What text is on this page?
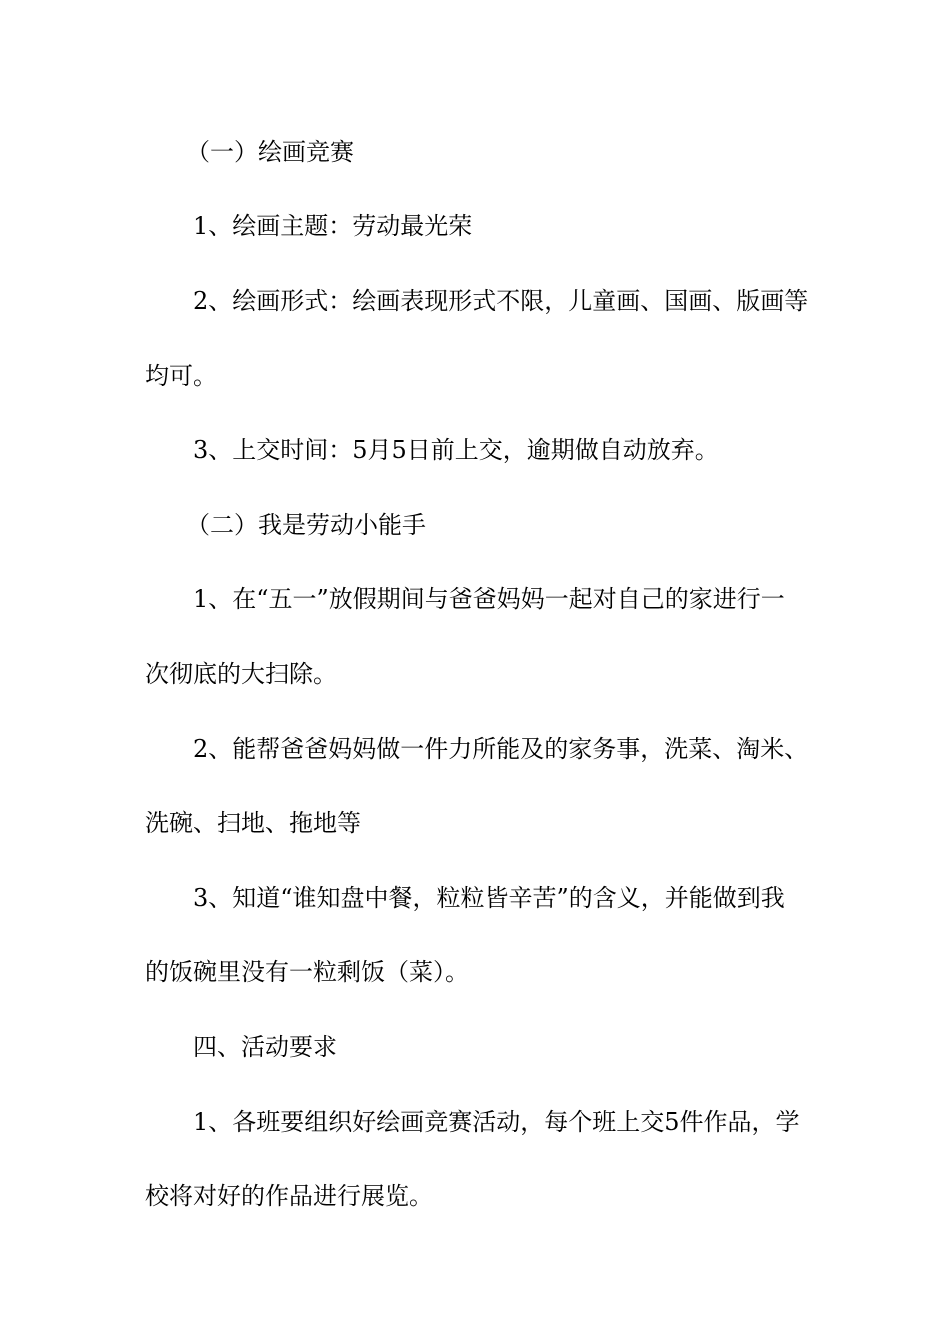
（一）绘画竞赛
1、绘画主题：劳动最光荣
2、绘画形式：绘画表现形式不限，儿童画、国画、版画等
均可。
3、上交时间：5月5日前上交，逾期做自动放弃。
（二）我是劳动小能手
1、在“五一”放假期间与爸爸妈妈一起对自己的家进行一
次彻底的大扫除。
2、能帮爸爸妈妈做一件力所能及的家务事，洗菜、淘米、
洗碗、扫地、拖地等
3、知道“谁知盘中餐，粒粒皆辛苦”的含义，并能做到我
的饭碗里没有一粒剩饭（菜）。
四、活动要求
1、各班要组织好绘画竞赛活动，每个班上交5件作品，学
校将对好的作品进行展览。
